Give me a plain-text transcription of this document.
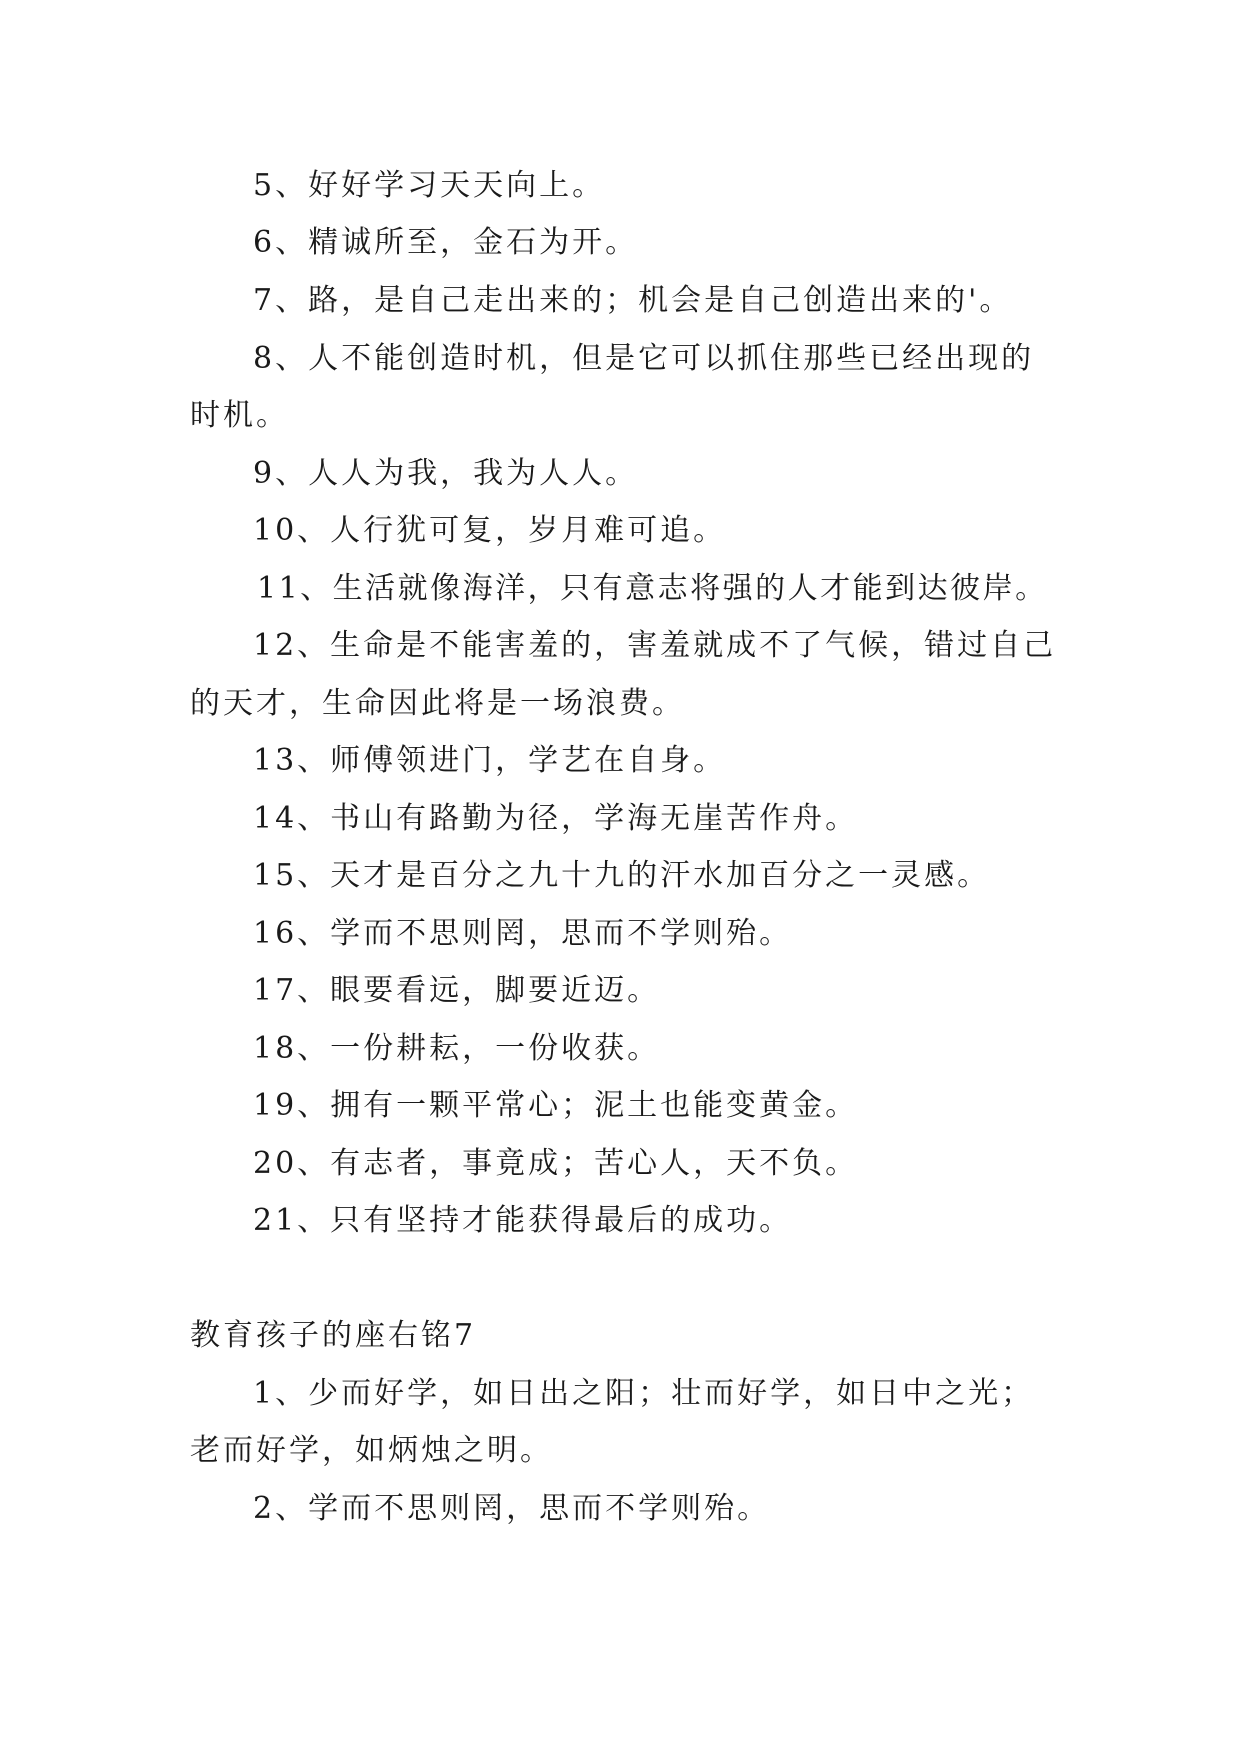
5、好好学习天天向上。
6、精诚所至，金石为开。
7、路，是自己走出来的；机会是自己创造出来的'。
8、人不能创造时机，但是它可以抓住那些已经出现的
时机。
9、人人为我，我为人人。
10、人行犹可复，岁月难可追。
11、生活就像海洋，只有意志将强的人才能到达彼岸。
12、生命是不能害羞的，害羞就成不了气候，错过自己
的天才，生命因此将是一场浪费。
13、师傅领进门，学艺在自身。
14、书山有路勤为径，学海无崖苦作舟。
15、天才是百分之九十九的汗水加百分之一灵感。
16、学而不思则罔，思而不学则殆。
17、眼要看远，脚要近迈。
18、一份耕耘，一份收获。
19、拥有一颗平常心；泥土也能变黄金。
20、有志者，事竟成；苦心人，天不负。
21、只有坚持才能获得最后的成功。
教育孩子的座右铭7
1、少而好学，如日出之阳；壮而好学，如日中之光；
老而好学，如炳烛之明。
2、学而不思则罔，思而不学则殆。
